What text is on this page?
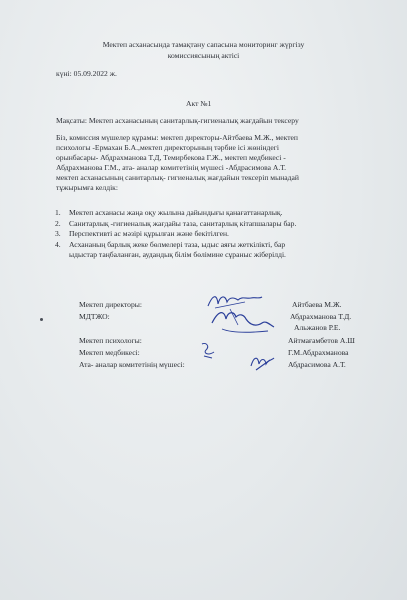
Мектеп асханасында тамақтану сапасына мониторинг жүргізу
комиссиясының актісі
күні: 05.09.2022 ж.
Акт №1
Мақсаты: Мектеп асханасының санитарлық-гигиеналық жағдайын тексеру
Біз, комиссия мүшелер құрамы: мектеп директоры-Айтбаева М.Ж., мектеп
психологы -Ермахан Б.А.,мектеп директорының тәрбие ісі жөніндегі
орынбасары- Абдрахманова Т.Д, Темирбекова Г.Ж., мектеп медбикесі -
Абдрахманова Г.М., ата- аналар комитетінің мүшесі -Абдрасимова А.Т.
мектеп асханасының санитарлық- гигиеналық жағдайын тексеріп мынадай
тұжырымға келдік:
1. Мектеп асханасы жаңа оқу жылына дайындығы қанағаттанарлық.
2. Санитарлық -гигиеналық жағдайы таза, санитарлық кітапшалары бар.
3. Перспективті ас мәзірі құрылған және бекітілген.
4. Асхананың барлық жеке бөлмелері таза, ыдыс аяғы жеткілікті, бар
ыдыстар таңбаланған, аудандық білім бөлімине сұраныс жіберілді.
Мектеп директоры:	Айтбаева М.Ж.
МДТЖО:	Абдрахманова Т.Д.
Альжанов Р.Е.
Мектеп психологы:	Айтмағамбетов А.Ш
Мектеп медбикесі:	Г.М.Абдрахманова
Ата- аналар комитетінің мүшесі:	Абдрасимова А.Т.
